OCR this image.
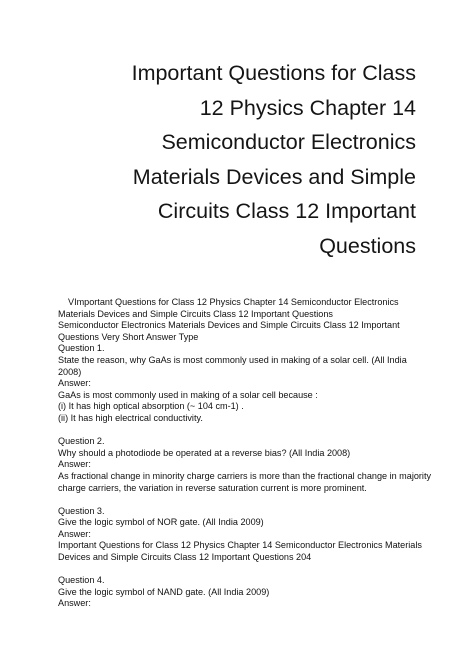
Important Questions for Class
12 Physics Chapter 14
Semiconductor Electronics
Materials Devices and Simple
Circuits Class 12 Important
Questions
VImportant Questions for Class 12 Physics Chapter 14 Semiconductor Electronics
Materials Devices and Simple Circuits Class 12 Important Questions
Semiconductor Electronics Materials Devices and Simple Circuits Class 12 Important
Questions Very Short Answer Type
Question 1.
State the reason, why GaAs is most commonly used in making of a solar cell. (All India
2008)
Answer:
GaAs is most commonly used in making of a solar cell because :
(i) It has high optical absorption (~ 104 cm-1) .
(ii) It has high electrical conductivity.
Question 2.
Why should a photodiode be operated at a reverse bias? (All India 2008)
Answer:
As fractional change in minority charge carriers is more than the fractional change in majority
charge carriers, the variation in reverse saturation current is more prominent.
Question 3.
Give the logic symbol of NOR gate. (All India 2009)
Answer:
Important Questions for Class 12 Physics Chapter 14 Semiconductor Electronics Materials
Devices and Simple Circuits Class 12 Important Questions 204
Question 4.
Give the logic symbol of NAND gate. (All India 2009)
Answer:
